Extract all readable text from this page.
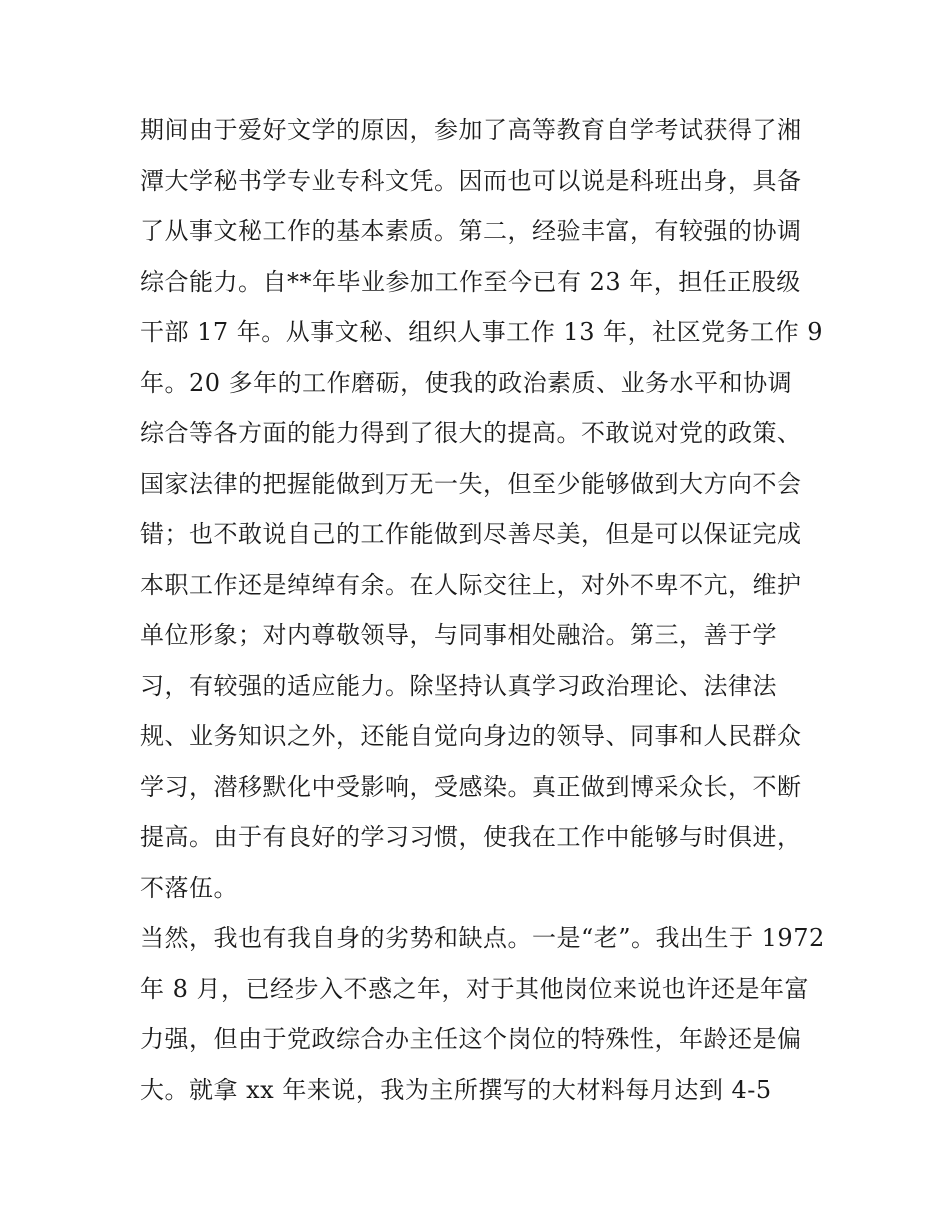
期间由于爱好文学的原因，参加了高等教育自学考试获得了湘
潭大学秘书学专业专科文凭。因而也可以说是科班出身，具备
了从事文秘工作的基本素质。第二，经验丰富，有较强的协调
综合能力。自**年毕业参加工作至今已有 23 年，担任正股级
干部 17 年。从事文秘、组织人事工作 13 年，社区党务工作 9
年。20 多年的工作磨砺，使我的政治素质、业务水平和协调
综合等各方面的能力得到了很大的提高。不敢说对党的政策、
国家法律的把握能做到万无一失，但至少能够做到大方向不会
错；也不敢说自己的工作能做到尽善尽美，但是可以保证完成
本职工作还是绰绰有余。在人际交往上，对外不卑不亢，维护
单位形象；对内尊敬领导，与同事相处融洽。第三，善于学
习，有较强的适应能力。除坚持认真学习政治理论、法律法
规、业务知识之外，还能自觉向身边的领导、同事和人民群众
学习，潜移默化中受影响，受感染。真正做到博采众长，不断
提高。由于有良好的学习习惯，使我在工作中能够与时俱进，
不落伍。
当然，我也有我自身的劣势和缺点。一是“老”。我出生于 1972
年 8 月，已经步入不惑之年，对于其他岗位来说也许还是年富
力强，但由于党政综合办主任这个岗位的特殊性，年龄还是偏
大。就拿 xx 年来说，我为主所撰写的大材料每月达到 4-5
